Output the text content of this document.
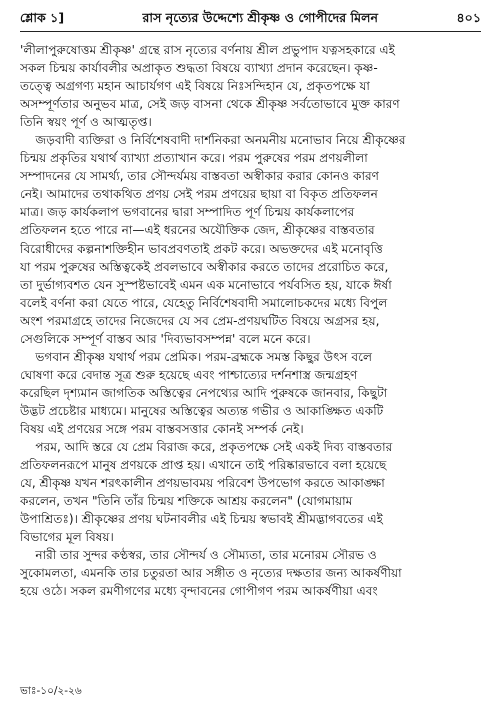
শ্লোক ১]	রাস নৃত্যের উদ্দেশ্যে শ্রীকৃষ্ণ ও গোপীদের মিলন	৪০১
'লীলাপুরুষোত্তম শ্রীকৃষ্ণ' গ্রন্থে রাস নৃত্যের বর্ণনায় শ্রীল প্রভুপাদ যত্নসহকারে এই
সকল চিন্ময় কার্যাবলীর অপ্রাকৃত শুদ্ধতা বিষয়ে ব্যাখ্যা প্রদান করেছেন। কৃষ্ণ-
তত্ত্বে অগ্রগণ্য মহান আচার্যগণ এই বিষয়ে নিঃসন্দিহান যে, প্রকৃতপক্ষে যা
অসম্পূর্ণতার অনুভব মাত্র, সেই জড় বাসনা থেকে শ্রীকৃষ্ণ সর্বতোভাবে মুক্ত কারণ
তিনি স্বয়ং পূর্ণ ও আত্মতৃপ্ত।
জড়বাদী ব্যক্তিরা ও নির্বিশেষবাদী দার্শনিকরা অনমনীয় মনোভাব নিয়ে শ্রীকৃষ্ণের
চিন্ময় প্রকৃতির যথার্থ ব্যাখ্যা প্রত্যাখান করে। পরম পুরুষের পরম প্রণয়লীলা
সম্পাদনের যে সামর্থ্য, তার সৌন্দর্যময় বাস্তবতা অস্বীকার করার কোনও কারণ
নেই। আমাদের তথাকথিত প্রণয় সেই পরম প্রণয়ের ছায়া বা বিকৃত প্রতিফলন
মাত্র। জড় কার্যকলাপ ভগবানের দ্বারা সম্পাদিত পূর্ণ চিন্ময় কার্যকলাপের
প্রতিফলন হতে পারে না—এই ধরনের অযৌক্তিক জেদ, শ্রীকৃষ্ণের বাস্তবতার
বিরোধীদের কল্পনাশক্তিহীন ভাবপ্রবণতাই প্রকট করে। অভক্তদের এই মনোবৃত্তি
যা পরম পুরুষের অস্তিত্বকেই প্রবলভাবে অস্বীকার করতে তাদের প্ররোচিত করে,
তা দুর্ভাগ্যবশত যেন সুস্পষ্টভাবেই এমন এক মনোভাবে পর্যবসিত হয়, যাকে ঈর্ষা
বলেই বর্ণনা করা যেতে পারে, যেহেতু নির্বিশেষবাদী সমালোচকদের মধ্যে বিপুল
অংশ পরমাগ্রহে তাদের নিজেদের যে সব প্রেম-প্রণয়ঘটিত বিষয়ে অগ্রসর হয়,
সেগুলিকে সম্পূর্ণ বাস্তব আর 'দিব্যভাবসম্পন্ন' বলে মনে করে।
ভগবান শ্রীকৃষ্ণ যথার্থ পরম প্রেমিক। পরম-ব্রহ্মকে সমস্ত কিছুর উৎস বলে
ঘোষণা করে বেদান্ত সূত্র শুরু হয়েছে এবং পাশ্চাত্যের দর্শনশাস্ত্র জন্মগ্রহণ
করেছিল দৃশ্যমান জাগতিক অস্তিত্বের নেপথ্যের আদি পুরুষকে জানবার, কিছুটা
উদ্ভট প্রচেষ্টার মাধ্যমে। মানুষের অস্তিত্বের অত্যন্ত গভীর ও আকাঙ্ক্ষিত একটি
বিষয় এই প্রণয়ের সঙ্গে পরম বাস্তবসত্তার কোনই সম্পর্ক নেই।
পরম, আদি স্তরে যে প্রেম বিরাজ করে, প্রকৃতপক্ষে সেই একই দিব্য বাস্তবতার
প্রতিফলনরূপে মানুষ প্রণয়কে প্রাপ্ত হয়। এখানে তাই পরিষ্কারভাবে বলা হয়েছে
যে, শ্রীকৃষ্ণ যখন শরৎকালীন প্রণয়ভাবময় পরিবেশ উপভোগ করতে আকাঙ্ক্ষা
করলেন, তখন "তিনি তাঁর চিন্ময় শক্তিকে আশ্রয় করলেন" (যোগমায়াম
উপাশ্রিতঃ)। শ্রীকৃষ্ণের প্রণয় ঘটনাবলীর এই চিন্ময় স্বভাবই শ্রীমদ্ভাগবতের এই
বিভাগের মূল বিষয়।
নারী তার সুন্দর কণ্ঠস্বর, তার সৌন্দর্য ও সৌম্যতা, তার মনোরম সৌরভ ও
সুকোমলতা, এমনকি তার চতুরতা আর সঙ্গীত ও নৃত্যের দক্ষতার জন্য আকর্ষণীয়া
হয়ে ওঠে। সকল রমণীগণের মধ্যে বৃন্দাবনের গোপীগণ পরম আকর্ষণীয়া এবং
ভাঃ-১০/২-২৬
